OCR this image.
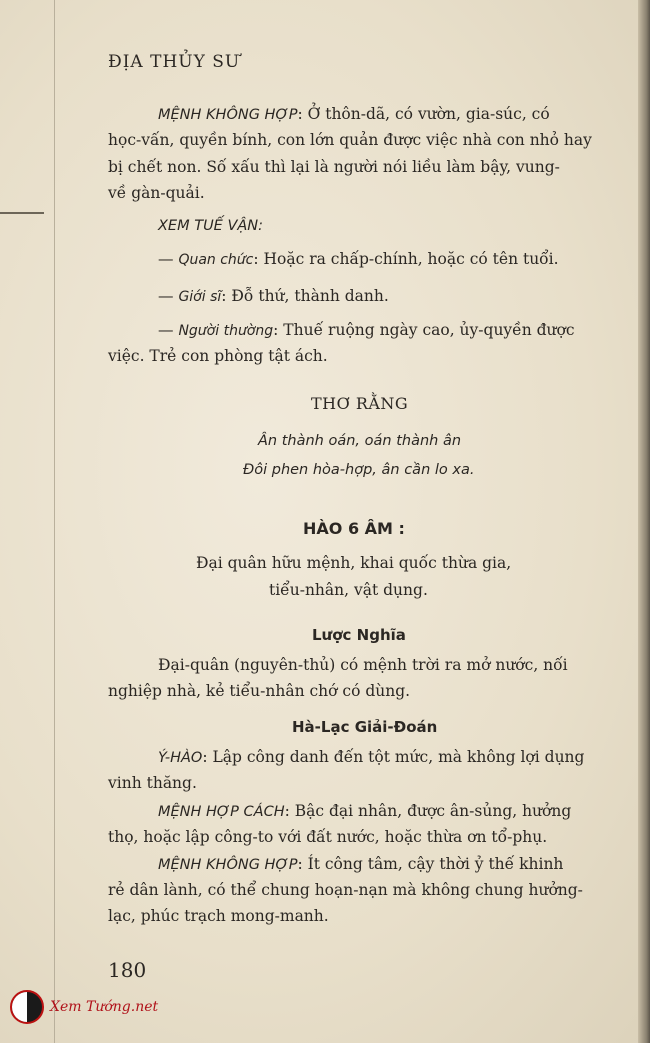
ĐỊA THỦY SƯ
MỆNH KHÔNG HỢP: Ở thôn-dã, có vườn, gia-súc, có
học-vấn, quyền bính, con lớn quản được việc nhà con nhỏ hay
bị chết non. Số xấu thì lại là người nói liều làm bậy, vung-
về gàn-quải.
XEM TUẾ VẬN:
— Quan chức: Hoặc ra chấp-chính, hoặc có tên tuổi.
— Giới sĩ: Đỗ thứ, thành danh.
— Người thường: Thuế ruộng ngày cao, ủy-quyền được
việc. Trẻ con phòng tật ách.
THƠ RẰNG
Ân thành oán, oán thành ân
Đôi phen hòa-hợp, ân cần lo xa.
HÀO 6 ÂM :
Đại quân hữu mệnh, khai quốc thừa gia,
tiểu-nhân, vật dụng.
Lược Nghĩa
Đại-quân (nguyên-thủ) có mệnh trời ra mở nước, nối
nghiệp nhà, kẻ tiểu-nhân chớ có dùng.
Hà-Lạc Giải-Đoán
Ý-HÀO: Lập công danh đến tột mức, mà không lợi dụng
vinh thăng.
MỆNH HỢP CÁCH: Bậc đại nhân, được ân-sủng, hưởng
thọ, hoặc lập công-to với đất nước, hoặc thừa ơn tổ-phụ.
MỆNH KHÔNG HỢP: Ít công tâm, cậy thời ỷ thế khinh
rẻ dân lành, có thể chung hoạn-nạn mà không chung hưởng-
lạc, phúc trạch mong-manh.
180
Xem Tướng.net
